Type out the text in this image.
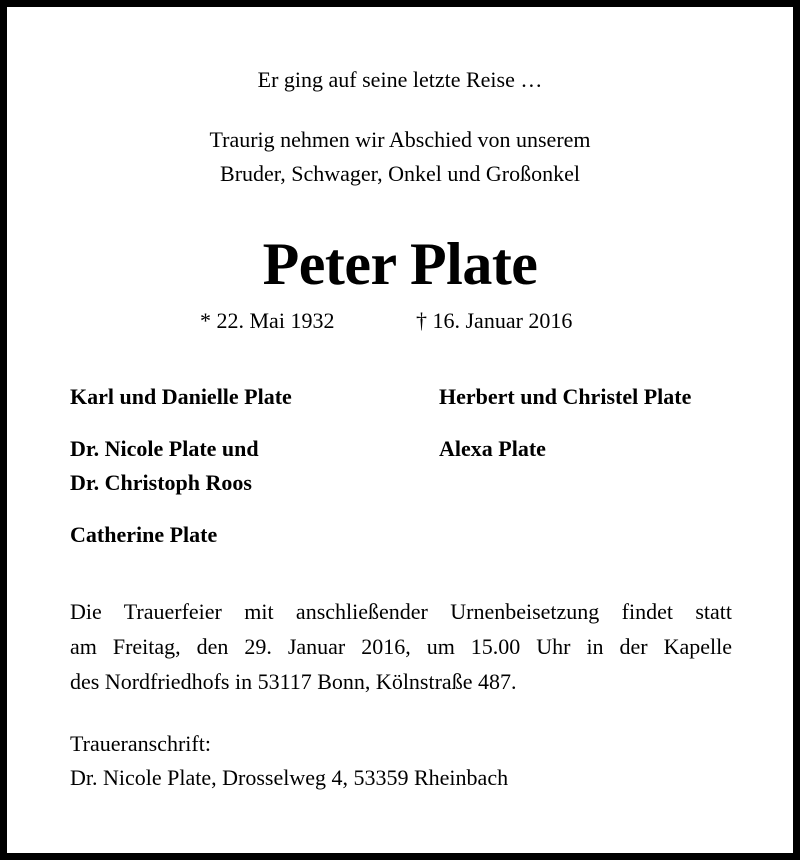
Er ging auf seine letzte Reise …
Traurig nehmen wir Abschied von unserem
Bruder, Schwager, Onkel und Großonkel
Peter Plate
* 22. Mai 1932	† 16. Januar 2016
Karl und Danielle Plate	Herbert und Christel Plate
Dr. Nicole Plate und	Alexa Plate
Dr. Christoph Roos
Catherine Plate
Die Trauerfeier mit anschließender Urnenbeisetzung findet statt
am Freitag, den 29. Januar 2016, um 15.00 Uhr in der Kapelle
des Nordfriedhofs in 53117 Bonn, Kölnstraße 487.
Traueranschrift:
Dr. Nicole Plate, Drosselweg 4, 53359 Rheinbach
